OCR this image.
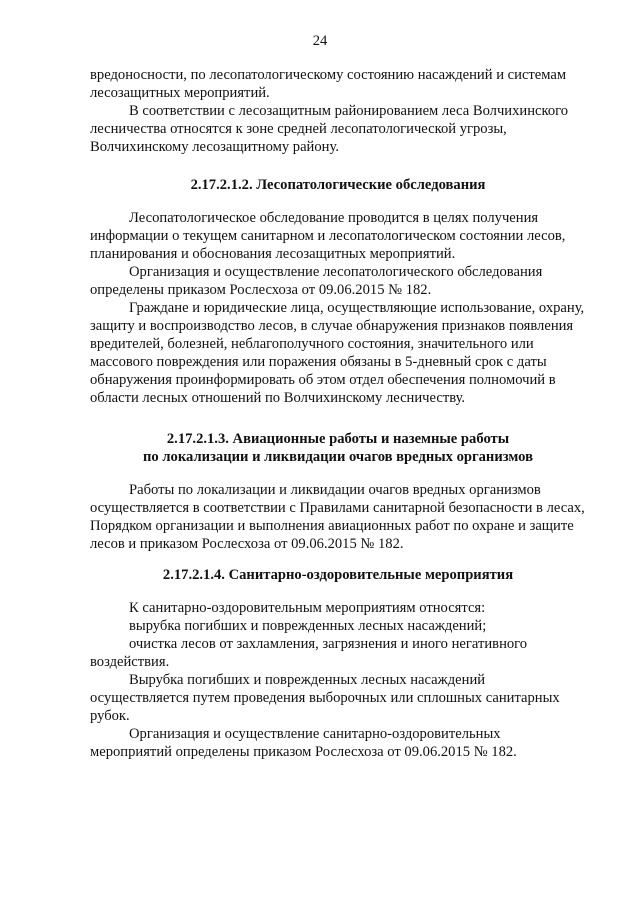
24

вредоносности, по лесопатологическому состоянию насаждений и системам лесозащитных мероприятий.

В соответствии с лесозащитным районированием леса Волчихинского лесничества относятся к зоне средней лесопатологической угрозы, Волчихинскому лесозащитному району.

2.17.2.1.2. Лесопатологические обследования

Лесопатологическое обследование проводится в целях получения информации о текущем санитарном и лесопатологическом состоянии лесов, планирования и обоснования лесозащитных мероприятий.

Организация и осуществление лесопатологического обследования определены приказом Рослесхоза от 09.06.2015 № 182.

Граждане и юридические лица, осуществляющие использование, охрану, защиту и воспроизводство лесов, в случае обнаружения признаков появления вредителей, болезней, неблагополучного состояния, значительного или массового повреждения или поражения обязаны в 5-дневный срок с даты обнаружения проинформировать об этом отдел обеспечения полномочий в области лесных отношений по Волчихинскому лесничеству.

2.17.2.1.3. Авиационные работы и наземные работы
по локализации и ликвидации очагов вредных организмов

Работы по локализации и ликвидации очагов вредных организмов осуществляется в соответствии с Правилами санитарной безопасности в лесах, Порядком организации и выполнения авиационных работ по охране и защите лесов и приказом Рослесхоза от 09.06.2015 № 182.

2.17.2.1.4. Санитарно-оздоровительные мероприятия

К санитарно-оздоровительным мероприятиям относятся:

вырубка погибших и поврежденных лесных насаждений;

очистка лесов от захламления, загрязнения и иного негативного воздействия.

Вырубка погибших и поврежденных лесных насаждений осуществляется путем проведения выборочных или сплошных санитарных рубок.

Организация и осуществление санитарно-оздоровительных мероприятий определены приказом Рослесхоза от 09.06.2015 № 182.
